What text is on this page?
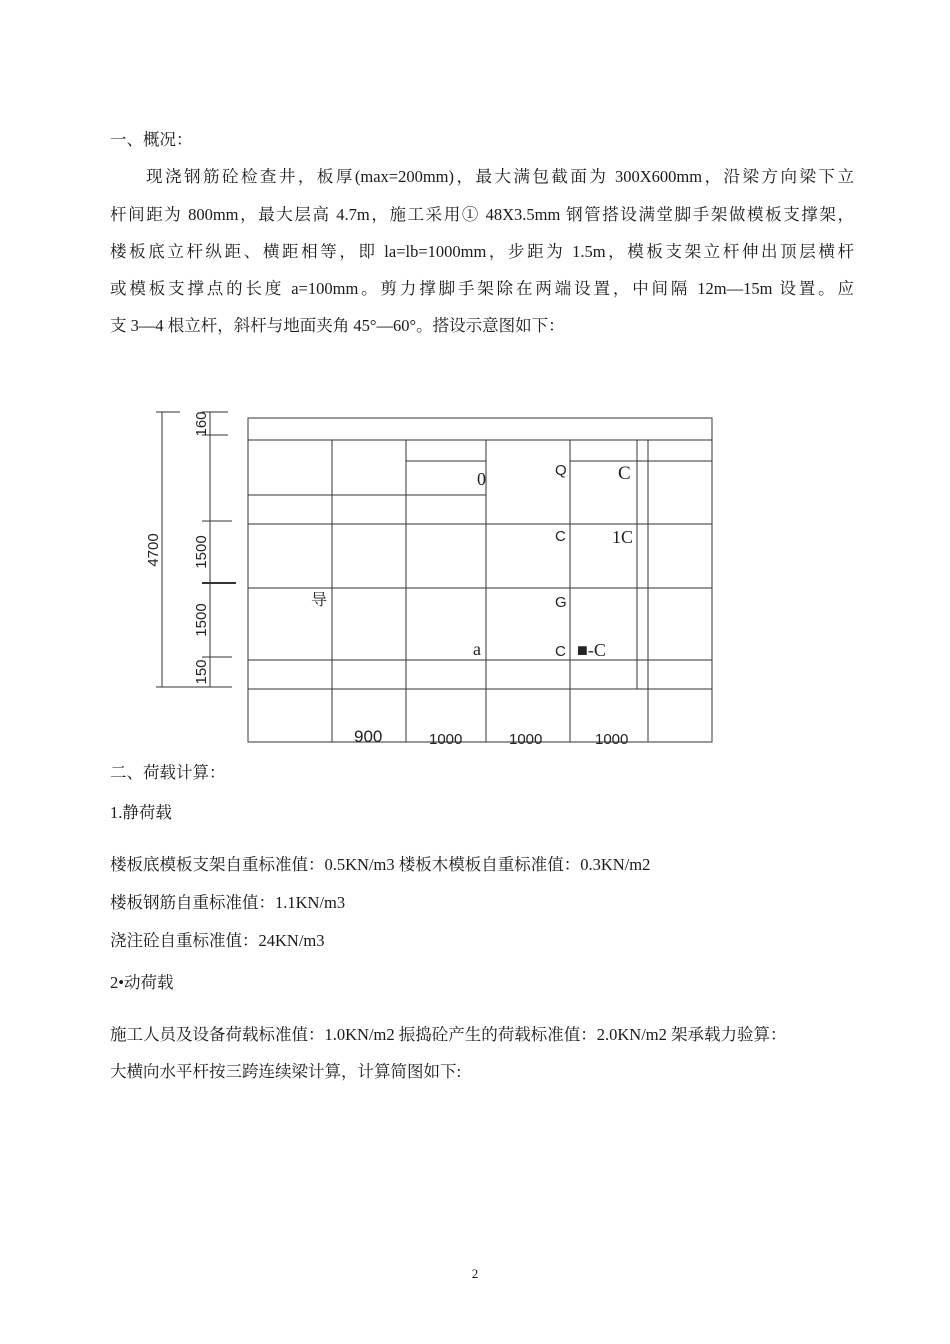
一、概况：
现浇钢筋砼检查井，板厚(max=200mm)，最大满包截面为 300X600mm，沿梁方向梁下立
杆间距为 800mm，最大层高 4.7m，施工采用① 48X3.5mm 钢管搭设满堂脚手架做模板支撑架，
楼板底立杆纵距、横距相等，即 la=lb=1000mm，步距为 1.5m，模板支架立杆伸出顶层横杆
或模板支撑点的长度 a=100mm。剪力撑脚手架除在两端设置，中间隔 12m—15m 设置。应
支 3—4 根立杆，斜杆与地面夹角 45°—60°。搭设示意图如下：
4700
160
1500
1500
150
0	Q	C
C	1C
导	G
a	C ■-C
900	1000	1000	1000
二、荷载计算：
1.静荷载
楼板底模板支架自重标准值：0.5KN/m3 楼板木模板自重标准值：0.3KN/m2
楼板钢筋自重标准值：1.1KN/m3
浇注砼自重标准值：24KN/m3
2•动荷载
施工人员及设备荷载标准值：1.0KN/m2 振捣砼产生的荷载标准值：2.0KN/m2 架承载力验算：
大横向水平杆按三跨连续梁计算，计算简图如下:
2
